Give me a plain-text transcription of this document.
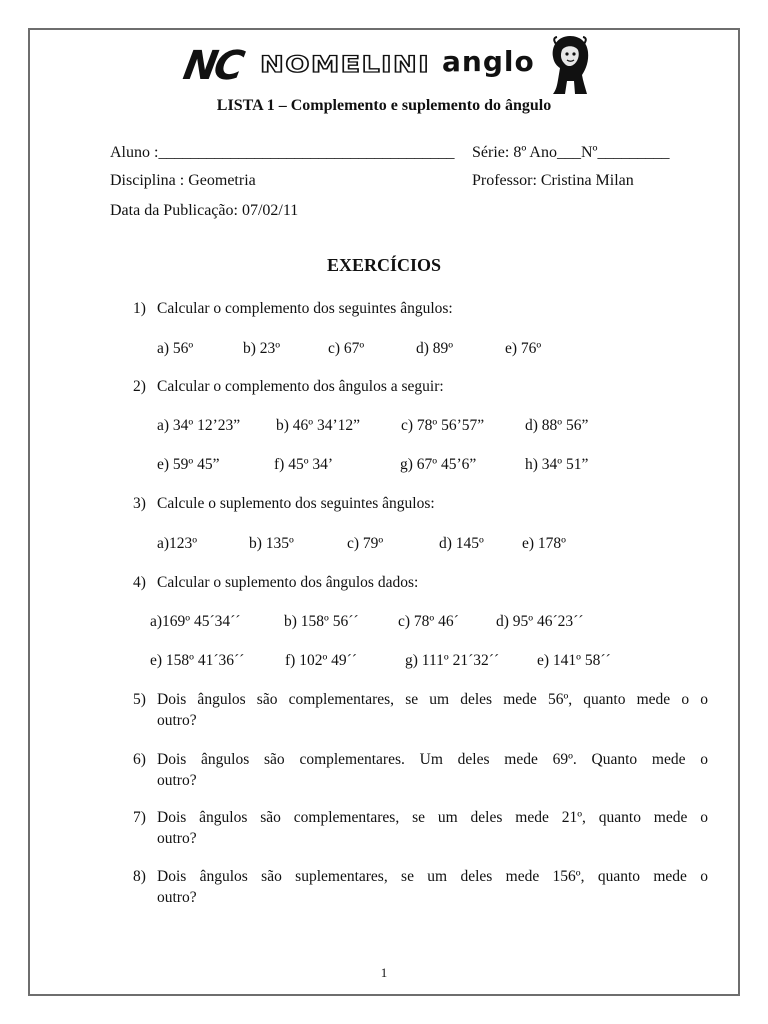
NC NOMELINI anglo
LISTA 1 – Complemento e suplemento do ângulo
Aluno :_____________________________________ Série: 8º Ano___Nº_________
Disciplina : Geometria	Professor: Cristina Milan
Data da Publicação: 07/02/11
EXERCÍCIOS
1) Calcular o complemento dos seguintes ângulos:
a) 56º	b) 23º	c) 67º	d) 89º	e) 76º
2) Calcular o complemento dos ângulos a seguir:
a) 34º 12’23” b) 46º 34’12”	c) 78º 56’57”	d) 88º 56”
e) 59º 45”	f) 45º 34’	g) 67º 45’6”	h) 34º 51”
3) Calcule o suplemento dos seguintes ângulos:
a)123º	b) 135º	c) 79º	d) 145º e) 178º
4) Calcular o suplemento dos ângulos dados:
a)169º 45´34´´	b) 158º 56´´	c) 78º 46´ d) 95º 46´23´´
e) 158º 41´36´´	f) 102º 49´´	g) 111º 21´32´´ e) 141º 58´´
5) Dois ângulos são complementares, se um deles mede 56º, quanto mede o o
outro?
6) Dois ângulos são complementares. Um deles mede 69º. Quanto mede o
outro?
7) Dois ângulos são complementares, se um deles mede 21º, quanto mede o
outro?
8) Dois ângulos são suplementares, se um deles mede 156º, quanto mede o
outro?
1
